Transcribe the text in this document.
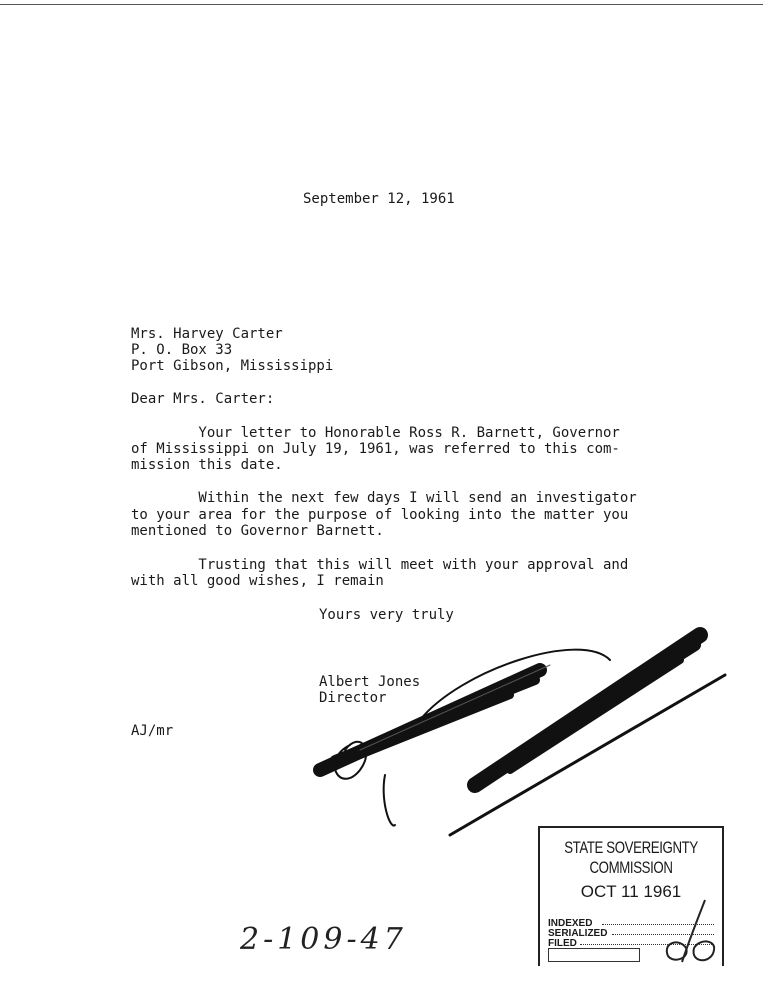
September 12, 1961
Mrs. Harvey Carter
P. O. Box 33
Port Gibson, Mississippi
Dear Mrs. Carter:
Your letter to Honorable Ross R. Barnett, Governor
of Mississippi on July 19, 1961, was referred to this com-
mission this date.
Within the next few days I will send an investigator
to your area for the purpose of looking into the matter you
mentioned to Governor Barnett.
Trusting that this will meet with your approval and
with all good wishes, I remain
Yours very truly
Albert Jones
Director
AJ/mr
STATE SOVEREIGNTY COMMISSION
OCT 11 1961
INDEXED
SERIALIZED
FILED
2-109-47
